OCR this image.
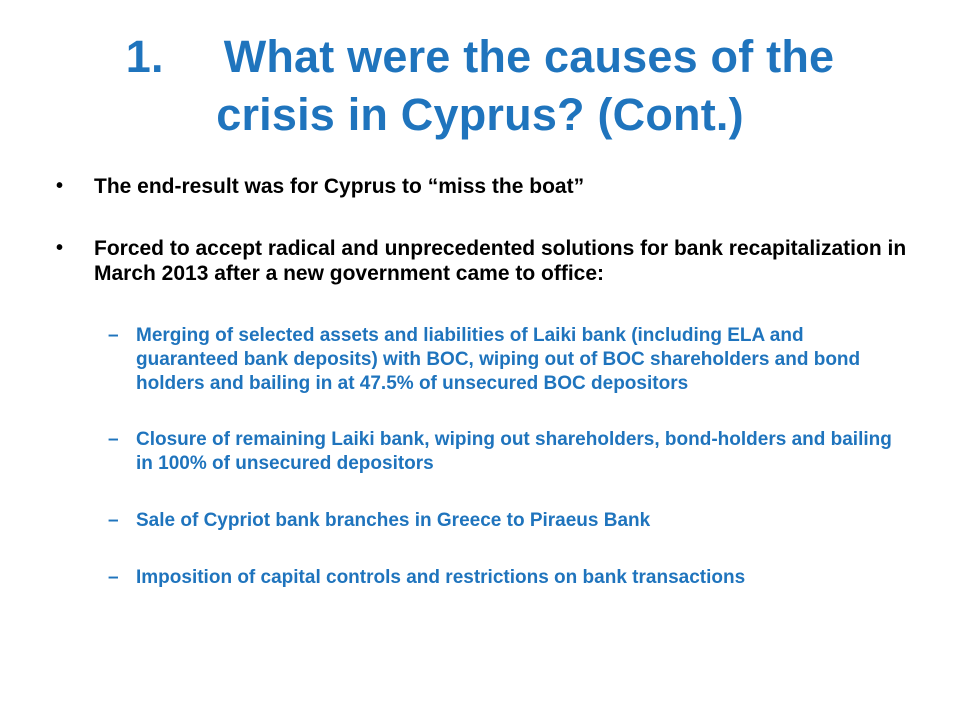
1. What were the causes of the
crisis in Cyprus? (Cont.)
•	The end-result was for Cyprus to “miss the boat”
•	Forced to accept radical and unprecedented solutions for bank recapitalization in March 2013 after a new government came to office:
– Merging of selected assets and liabilities of Laiki bank (including ELA and guaranteed bank deposits) with BOC, wiping out of BOC shareholders and bond holders and bailing in at 47.5% of unsecured BOC depositors
– Closure of remaining Laiki bank, wiping out shareholders, bond-holders and bailing in 100% of unsecured depositors
– Sale of Cypriot bank branches in Greece to Piraeus Bank
– Imposition of capital controls and restrictions on bank transactions
